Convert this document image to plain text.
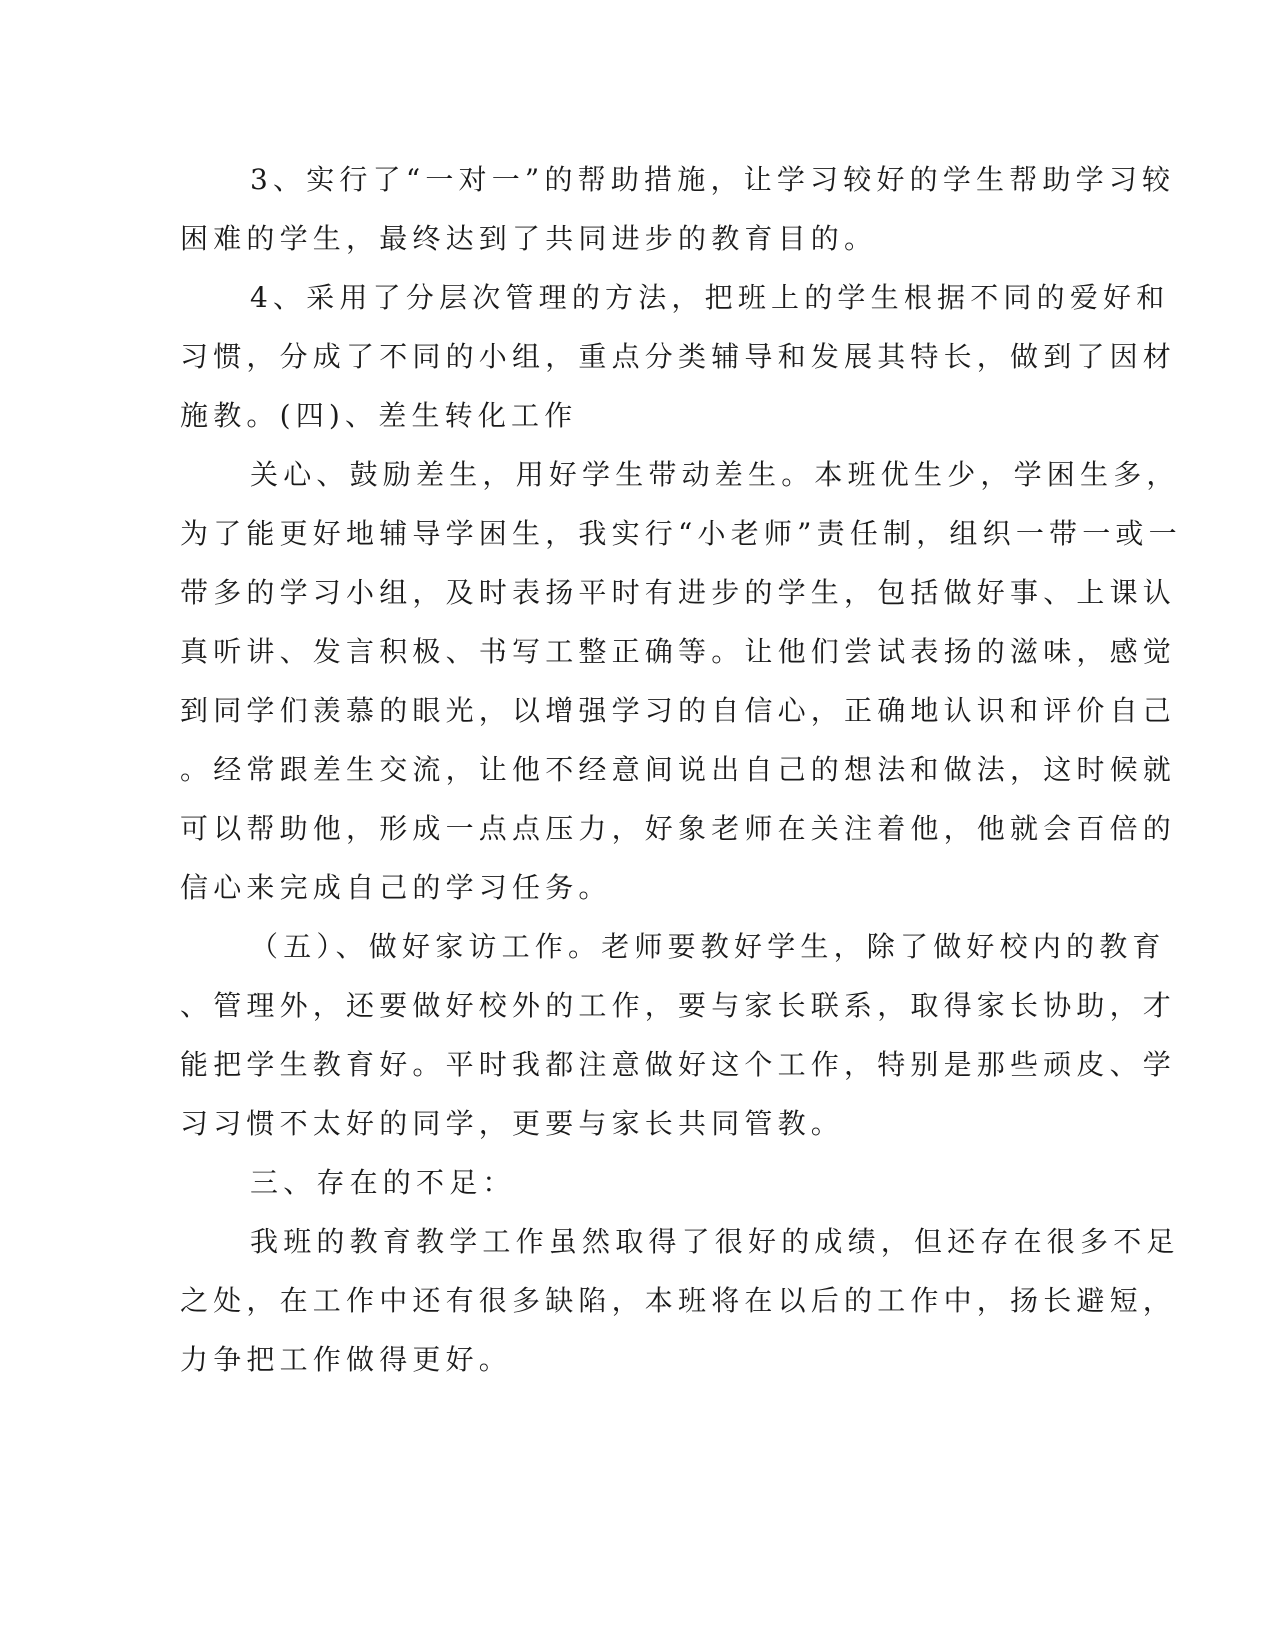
3、实行了“一对一”的帮助措施，让学习较好的学生帮助学习较
困难的学生，最终达到了共同进步的教育目的。
4、采用了分层次管理的方法，把班上的学生根据不同的爱好和
习惯，分成了不同的小组，重点分类辅导和发展其特长，做到了因材
施教。(四)、差生转化工作
关心、鼓励差生，用好学生带动差生。本班优生少，学困生多，
为了能更好地辅导学困生，我实行“小老师”责任制，组织一带一或一
带多的学习小组，及时表扬平时有进步的学生，包括做好事、上课认
真听讲、发言积极、书写工整正确等。让他们尝试表扬的滋味，感觉
到同学们羡慕的眼光，以增强学习的自信心，正确地认识和评价自己
。经常跟差生交流，让他不经意间说出自己的想法和做法，这时候就
可以帮助他，形成一点点压力，好象老师在关注着他，他就会百倍的
信心来完成自己的学习任务。
（五）、做好家访工作。老师要教好学生，除了做好校内的教育
、管理外，还要做好校外的工作，要与家长联系，取得家长协助，才
能把学生教育好。平时我都注意做好这个工作，特别是那些顽皮、学
习习惯不太好的同学，更要与家长共同管教。
三、存在的不足：
我班的教育教学工作虽然取得了很好的成绩，但还存在很多不足
之处，在工作中还有很多缺陷，本班将在以后的工作中，扬长避短，
力争把工作做得更好。
